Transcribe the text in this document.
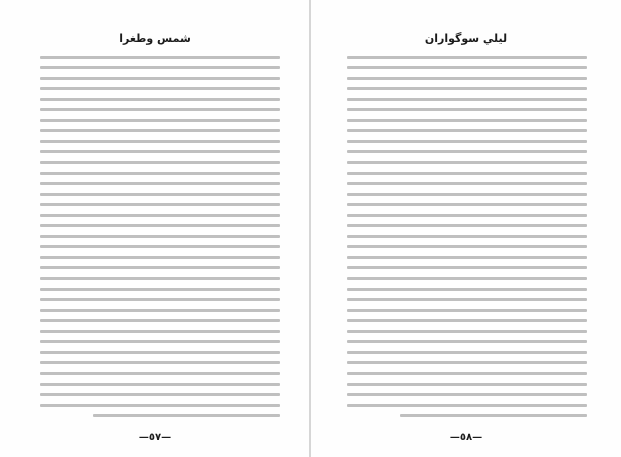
شمس وطغرا
—٥٧—
ليلي سوگواران
—٥٨—
